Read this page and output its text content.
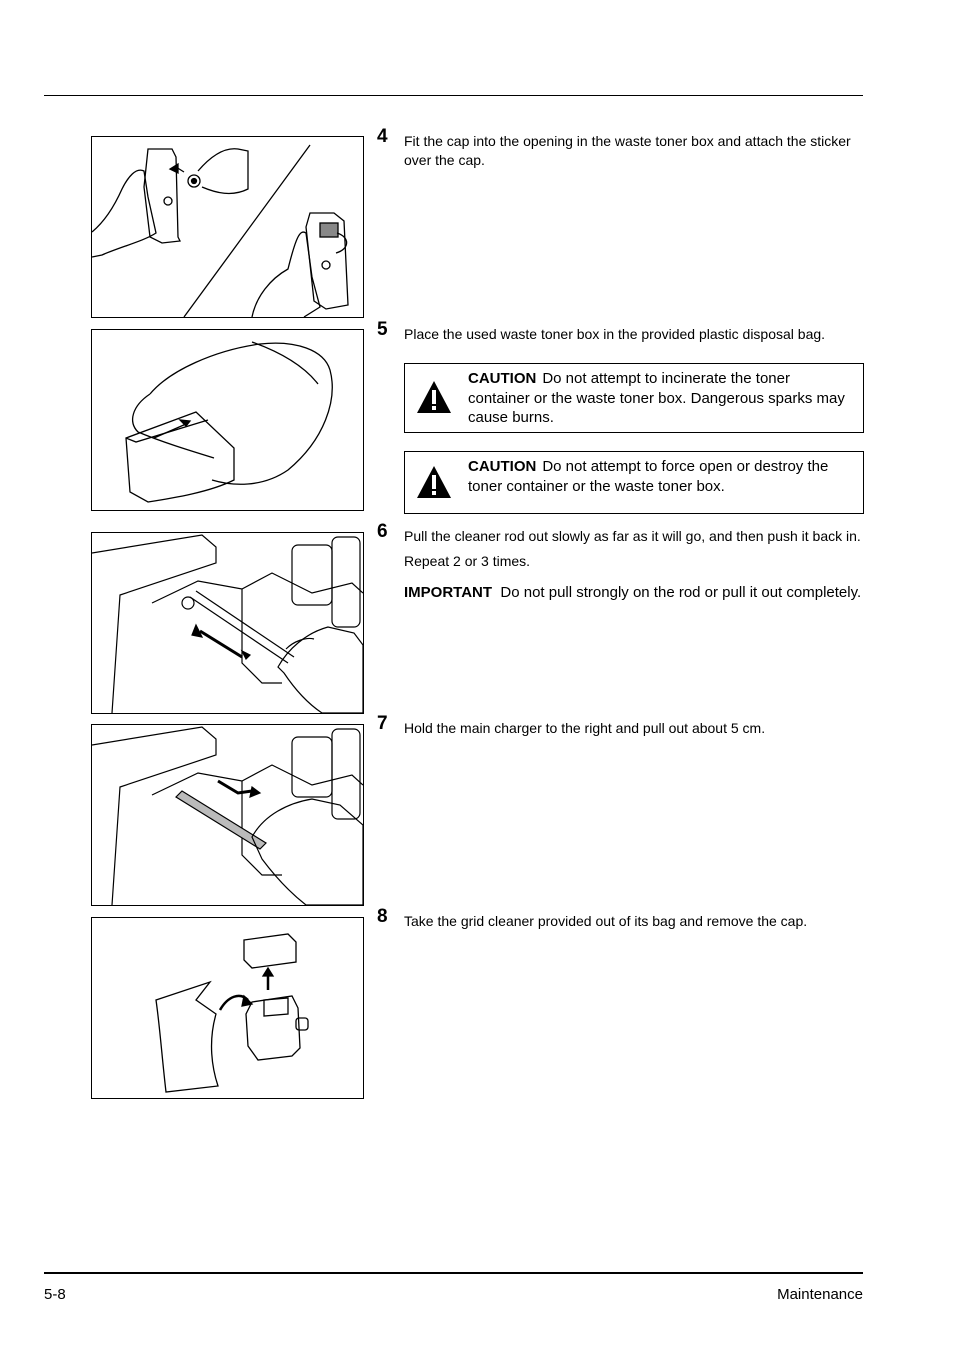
4 Fit the cap into the opening in the waste toner box and attach the sticker over the cap.
5 Place the used waste toner box in the provided plastic disposal bag.
CAUTION Do not attempt to incinerate the toner container or the waste toner box. Dangerous sparks may cause burns.
CAUTION Do not attempt to force open or destroy the toner container or the waste toner box.
6 Pull the cleaner rod out slowly as far as it will go, and then push it back in.
Repeat 2 or 3 times.
IMPORTANT Do not pull strongly on the rod or pull it out completely.
7 Hold the main charger to the right and pull out about 5 cm.
8 Take the grid cleaner provided out of its bag and remove the cap.
5-8	Maintenance
